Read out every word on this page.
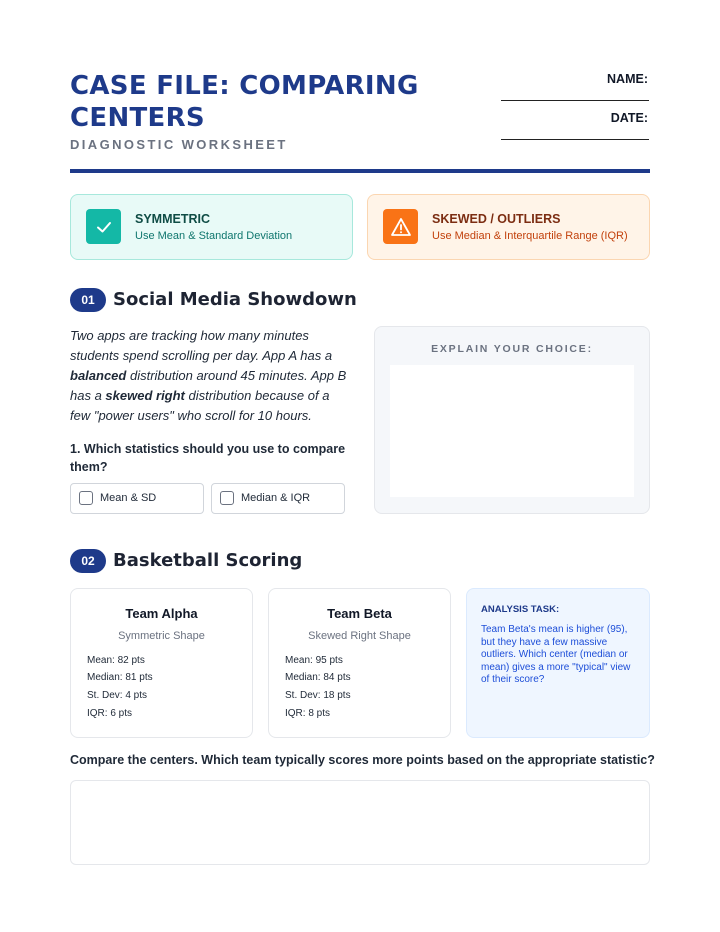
CASE FILE: COMPARING CENTERS
DIAGNOSTIC WORKSHEET
NAME:
DATE:
SYMMETRIC
Use Mean & Standard Deviation
SKEWED / OUTLIERS
Use Median & Interquartile Range (IQR)
01	Social Media Showdown
Two apps are tracking how many minutes students spend scrolling per day. App A has a balanced distribution around 45 minutes. App B has a skewed right distribution because of a few "power users" who scroll for 10 hours.
1. Which statistics should you use to compare them?
Mean & SD	Median & IQR
EXPLAIN YOUR CHOICE:
02	Basketball Scoring
Team Alpha
Symmetric Shape
Mean: 82 pts
Median: 81 pts
St. Dev: 4 pts
IQR: 6 pts
Team Beta
Skewed Right Shape
Mean: 95 pts
Median: 84 pts
St. Dev: 18 pts
IQR: 8 pts
ANALYSIS TASK:
Team Beta's mean is higher (95), but they have a few massive outliers. Which center (median or mean) gives a more "typical" view of their score?
Compare the centers. Which team typically scores more points based on the appropriate statistic?
